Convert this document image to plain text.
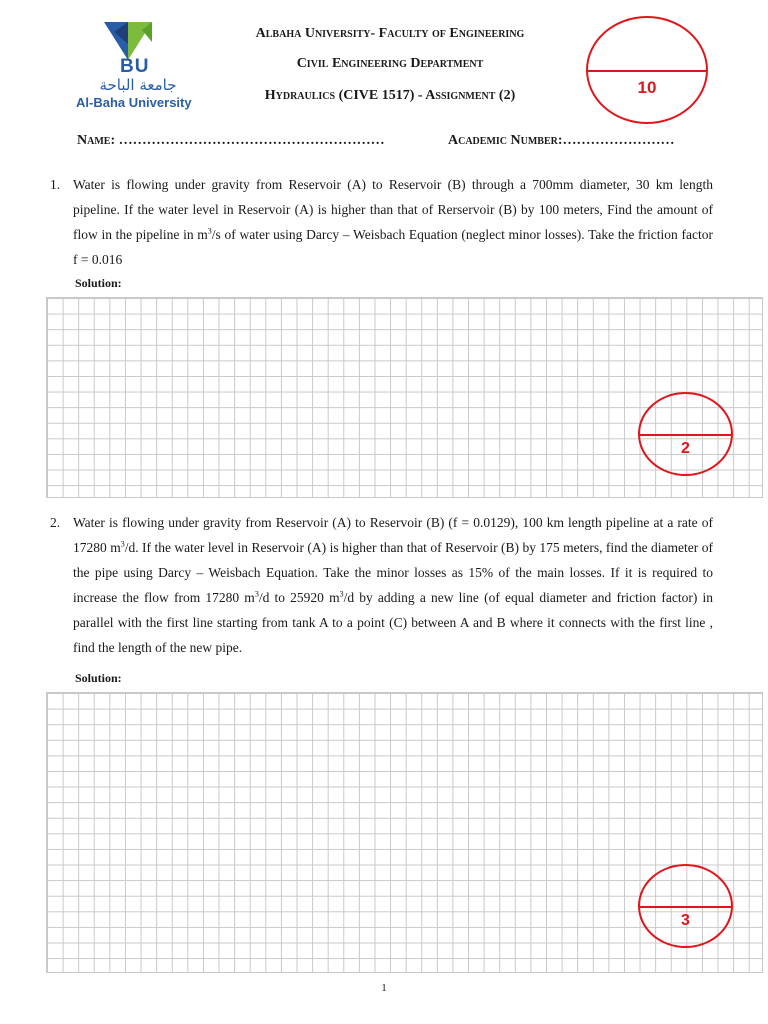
BU
جامعة الباحة
Al-Baha University
Albaha University- Faculty of Engineering
Civil Engineering Department
Hydraulics (CIVE 1517) - Assignment (2)	10
Name: …………………………………………………	Academic Number:……………………
1. Water is flowing under gravity from Reservoir (A) to Reservoir (B) through a 700mm diameter, 30 km length pipeline. If the water level in Reservoir (A) is higher than that of Rerservoir (B) by 100 meters, Find the amount of flow in the pipeline in $m^3/s$ of water using Darcy – Weisbach Equation (neglect minor losses). Take the friction factor f = 0.016
Solution:
2
2. Water is flowing under gravity from Reservoir (A) to Reservoir (B) (f = 0.0129), 100 km length pipeline at a rate of 17280 $m^3/d$. If the water level in Reservoir (A) is higher than that of Reservoir (B) by 175 meters, find the diameter of the pipe using Darcy – Weisbach Equation. Take the minor losses as 15% of the main losses. If it is required to increase the flow from 17280 $m^3/d$ to 25920 $m^3/d$ by adding a new line (of equal diameter and friction factor) in parallel with the first line starting from tank A to a point (C) between A and B where it connects with the first line , find the length of the new pipe.
Solution:
3
1
